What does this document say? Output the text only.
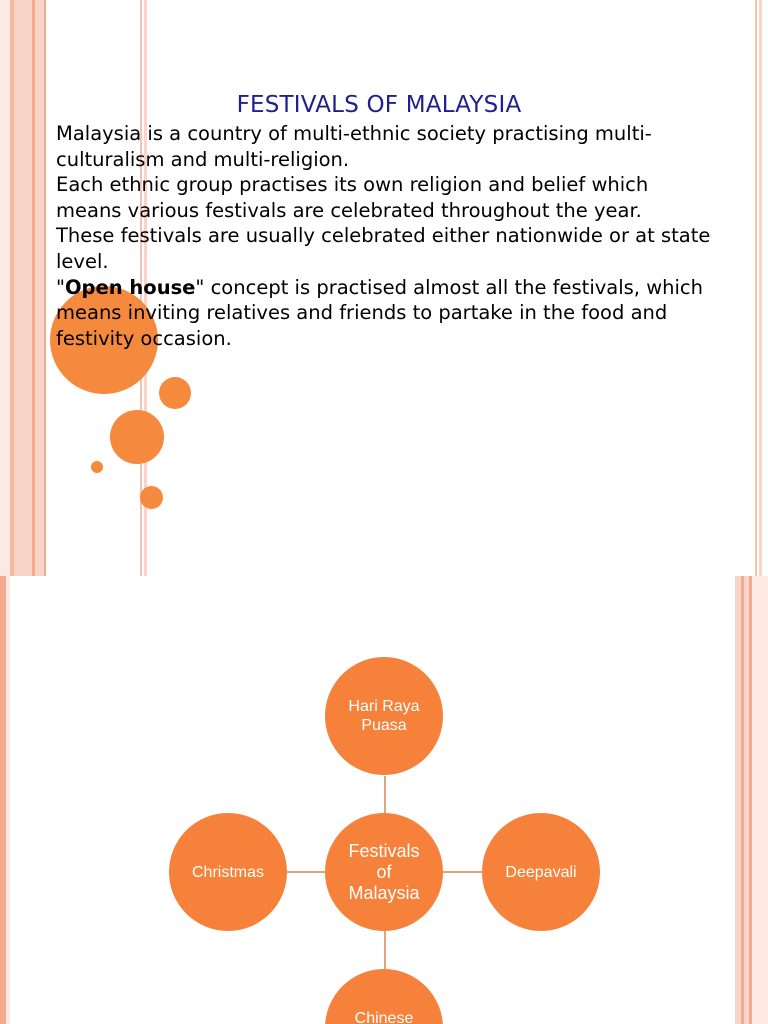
FESTIVALS OF MALAYSIA

Malaysia is a country of multi-ethnic society practising multi-culturalism and multi-religion.

Each ethnic group practises its own religion and belief which means various festivals are celebrated throughout the year.

These festivals are usually celebrated either nationwide or at state level.

"Open house" concept is practised almost all the festivals, which means inviting relatives and friends to partake in the food and festivity occasion.

Hari Raya Puasa
Festivals of Malaysia
Christmas	Deepavali
Chinese
